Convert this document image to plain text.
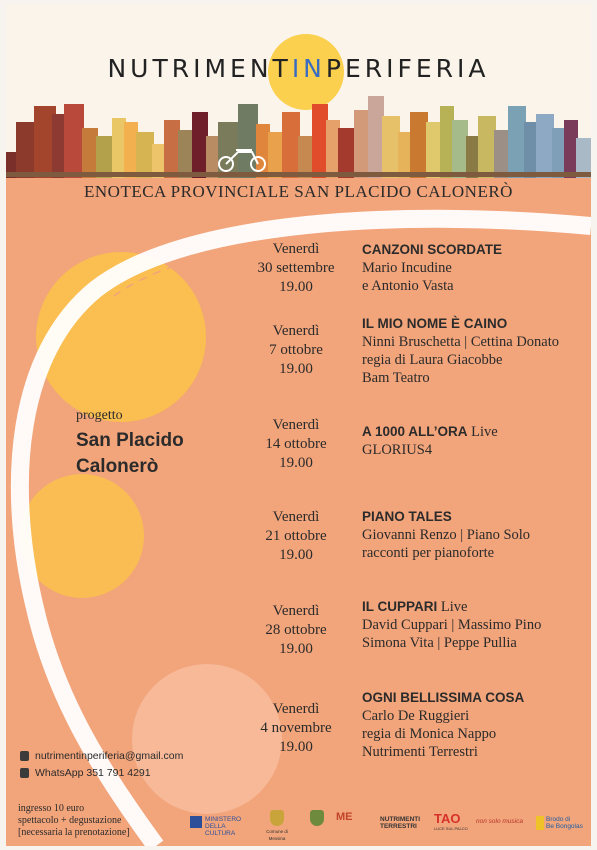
NUTRIMENTINPERIFERIA
ENOTECA PROVINCIALE SAN PLACIDO CALONERÒ
progetto
San Placido
Calonerò
Venerdì
30 settembre
19.00
CANZONI SCORDATE
Mario Incudine
e Antonio Vasta
Venerdì
7 ottobre
19.00
IL MIO NOME È CAINO
Ninni Bruschetta | Cettina Donato
regia di Laura Giacobbe
Bam Teatro
Venerdì
14 ottobre
19.00
A 1000 ALL’ORA Live
GLORIUS4
Venerdì
21 ottobre
19.00
PIANO TALES
Giovanni Renzo | Piano Solo
racconti per pianoforte
Venerdì
28 ottobre
19.00
IL CUPPARI Live
David Cuppari | Massimo Pino
Simona Vita | Peppe Pullia
Venerdì
4 novembre
19.00
OGNI BELLISSIMA COSA
Carlo De Ruggieri
regia di Monica Nappo
Nutrimenti Terrestri
nutrimentinperiferia@gmail.com
WhatsApp 351 791 4291
ingresso 10 euro
spettacolo + degustazione
[necessaria la prenotazione]
MINISTERO
DELLA
CULTURA	Comune di Messina
ME	NUTRIMENTI
TERRESTRI
TAO
LUCE SUL PALCO
non solo musica	Brodo di
Be Bongolas
